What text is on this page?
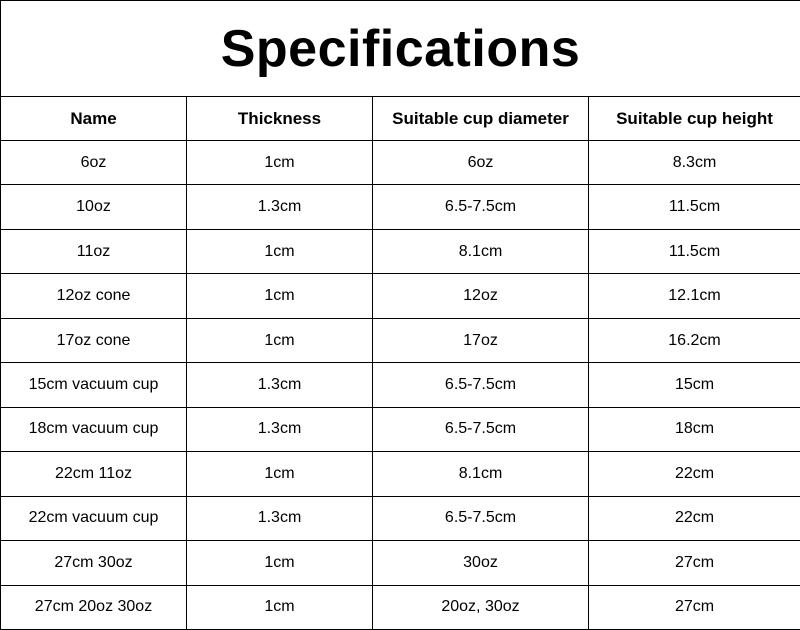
Specifications			
Name	Thickness	Suitable cup diameter	Suitable cup height
6oz	1cm	6oz	8.3cm
10oz	1.3cm	6.5-7.5cm	11.5cm
11oz	1cm	8.1cm	11.5cm
12oz cone	1cm	12oz	12.1cm
17oz cone	1cm	17oz	16.2cm
15cm vacuum cup	1.3cm	6.5-7.5cm	15cm
18cm vacuum cup	1.3cm	6.5-7.5cm	18cm
22cm 11oz	1cm	8.1cm	22cm
22cm vacuum cup	1.3cm	6.5-7.5cm	22cm
27cm 30oz	1cm	30oz	27cm
27cm 20oz 30oz	1cm	20oz, 30oz	27cm
